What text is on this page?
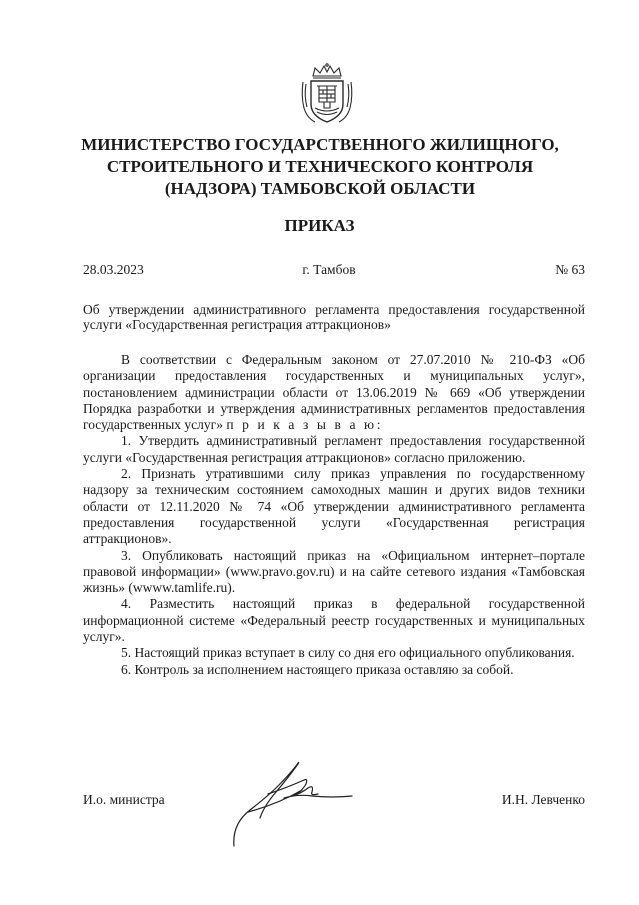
МИНИСТЕРСТВО ГОСУДАРСТВЕННОГО ЖИЛИЩНОГО,
СТРОИТЕЛЬНОГО И ТЕХНИЧЕСКОГО КОНТРОЛЯ
(НАДЗОРА) ТАМБОВСКОЙ ОБЛАСТИ
ПРИКАЗ
28.03.2023	г. Тамбов	№ 63
Об утверждении административного регламента предоставления государственной услуги «Государственная регистрация аттракционов»

В соответствии с Федеральным законом от 27.07.2010 № 210-ФЗ «Об организации предоставления государственных и муниципальных услуг», постановлением администрации области от 13.06.2019 № 669 «Об утверждении Порядка разработки и утверждения административных регламентов предоставления государственных услуг» п р и к а з ы в а ю:

1. Утвердить административный регламент предоставления государственной услуги «Государственная регистрация аттракционов» согласно приложению.

2. Признать утратившими силу приказ управления по государственному надзору за техническим состоянием самоходных машин и других видов техники области от 12.11.2020 № 74 «Об утверждении административного регламента предоставления государственной услуги «Государственная регистрация аттракционов».

3. Опубликовать настоящий приказ на «Официальном интернет–портале правовой информации» (www.pravo.gov.ru) и на сайте сетевого издания «Тамбовская жизнь» (wwww.tamlife.ru).

4. Разместить настоящий приказ в федеральной государственной информационной системе «Федеральный реестр государственных и муниципальных услуг».

5. Настоящий приказ вступает в силу со дня его официального опубликования.

6. Контроль за исполнением настоящего приказа оставляю за собой.

И.о. министра	И.Н. Левченко
